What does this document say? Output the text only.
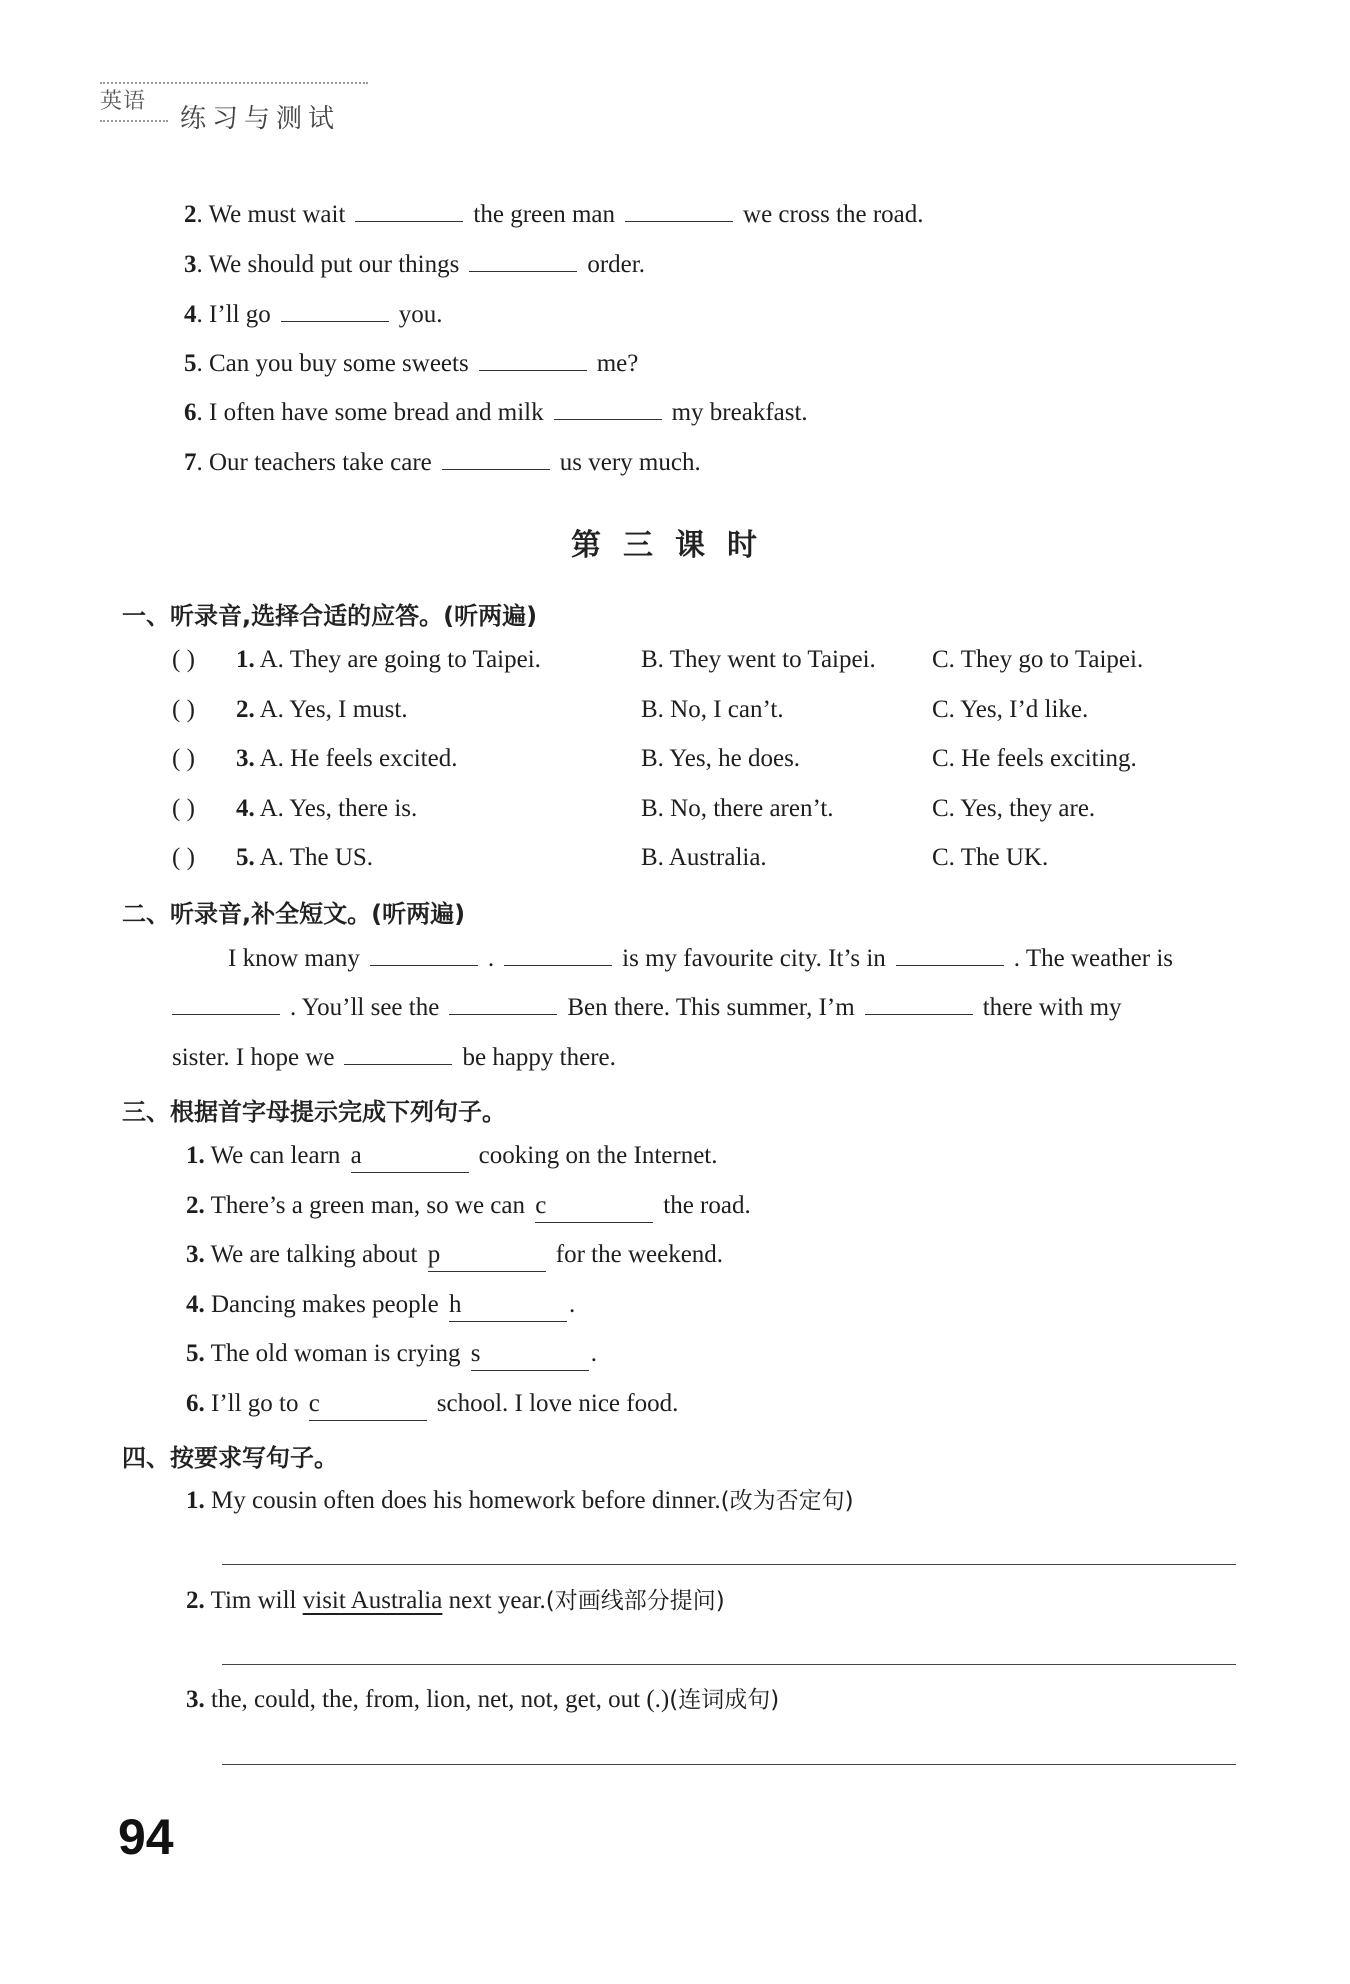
英语
练习与测试
2. We must wait	the green man	we cross the road.
3. We should put our things	order.
4. I’ll go	you.
5. Can you buy some sweets	me?
6. I often have some bread and milk	my breakfast.
7. Our teachers take care	us very much.
第三课时
一、听录音,选择合适的应答。(听两遍)
( ) 1. A. They are going to Taipei.	B. They went to Taipei. C. They go to Taipei.
( ) 2. A. Yes, I must.	B. No, I can’t.	C. Yes, I’d like.
( ) 3. A. He feels excited.	B. Yes, he does.	C. He feels exciting.
( ) 4. A. Yes, there is.	B. No, there aren’t.	C. Yes, they are.
( ) 5. A. The US.	B. Australia.	C. The UK.
二、听录音,补全短文。(听两遍)
I know many	.	is my favourite city. It’s in	. The weather is
. You’ll see the	Ben there. This summer, I’m	there with my
sister. I hope we	be happy there.
三、根据首字母提示完成下列句子。
1. We can learn a	cooking on the Internet.
2. There’s a green man, so we can c	the road.
3. We are talking about p	for the weekend.
4. Dancing makes people h	.
5. The old woman is crying s	.
6. I’ll go to c	school. I love nice food.
四、按要求写句子。
1. My cousin often does his homework before dinner.(改为否定句)
2. Tim will visit Australia next year.(对画线部分提问)
3. the, could, the, from, lion, net, not, get, out (.)(连词成句)
94
